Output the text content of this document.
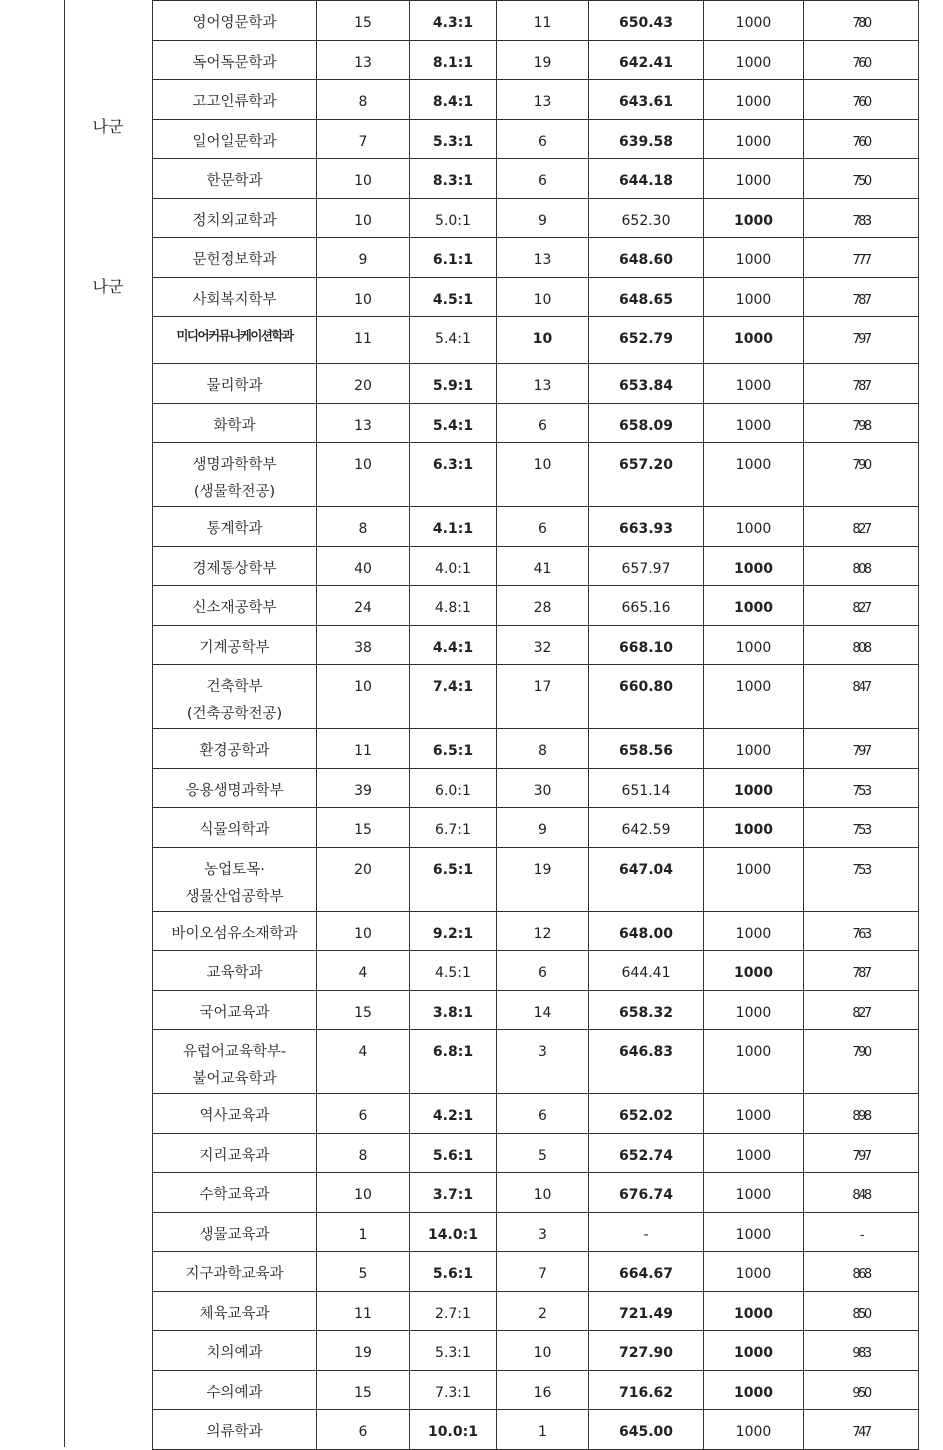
나군
나군
영어영문학과	15	4.3:1	11	650.43	1000	780
독어독문학과	13	8.1:1	19	642.41	1000	760
고고인류학과	8	8.4:1	13	643.61	1000	760
일어일문학과	7	5.3:1	6	639.58	1000	760
한문학과	10	8.3:1	6	644.18	1000	750
정치외교학과	10	5.0:1	9	652.30	1000	783
문헌정보학과	9	6.1:1	13	648.60	1000	777
사회복지학부	10	4.5:1	10	648.65	1000	787
미디어커뮤니케이션학과	11	5.4:1	10	652.79	1000	797
물리학과	20	5.9:1	13	653.84	1000	787
화학과	13	5.4:1	6	658.09	1000	798
생명과학학부
(생물학전공)	10	6.3:1	10	657.20	1000	790
통계학과	8	4.1:1	6	663.93	1000	827
경제통상학부	40	4.0:1	41	657.97	1000	808
신소재공학부	24	4.8:1	28	665.16	1000	827
기계공학부	38	4.4:1	32	668.10	1000	808
건축학부
(건축공학전공)	10	7.4:1	17	660.80	1000	847
환경공학과	11	6.5:1	8	658.56	1000	797
응용생명과학부	39	6.0:1	30	651.14	1000	753
식물의학과	15	6.7:1	9	642.59	1000	753
농업토목·
생물산업공학부	20	6.5:1	19	647.04	1000	753
바이오섬유소재학과	10	9.2:1	12	648.00	1000	763
교육학과	4	4.5:1	6	644.41	1000	787
국어교육과	15	3.8:1	14	658.32	1000	827
유럽어교육학부-
불어교육학과	4	6.8:1	3	646.83	1000	790
역사교육과	6	4.2:1	6	652.02	1000	898
지리교육과	8	5.6:1	5	652.74	1000	797
수학교육과	10	3.7:1	10	676.74	1000	848
생물교육과	1	14.0:1	3	-	1000	-
지구과학교육과	5	5.6:1	7	664.67	1000	868
체육교육과	11	2.7:1	2	721.49	1000	850
치의예과	19	5.3:1	10	727.90	1000	983
수의예과	15	7.3:1	16	716.62	1000	950
의류학과	6	10.0:1	1	645.00	1000	747
